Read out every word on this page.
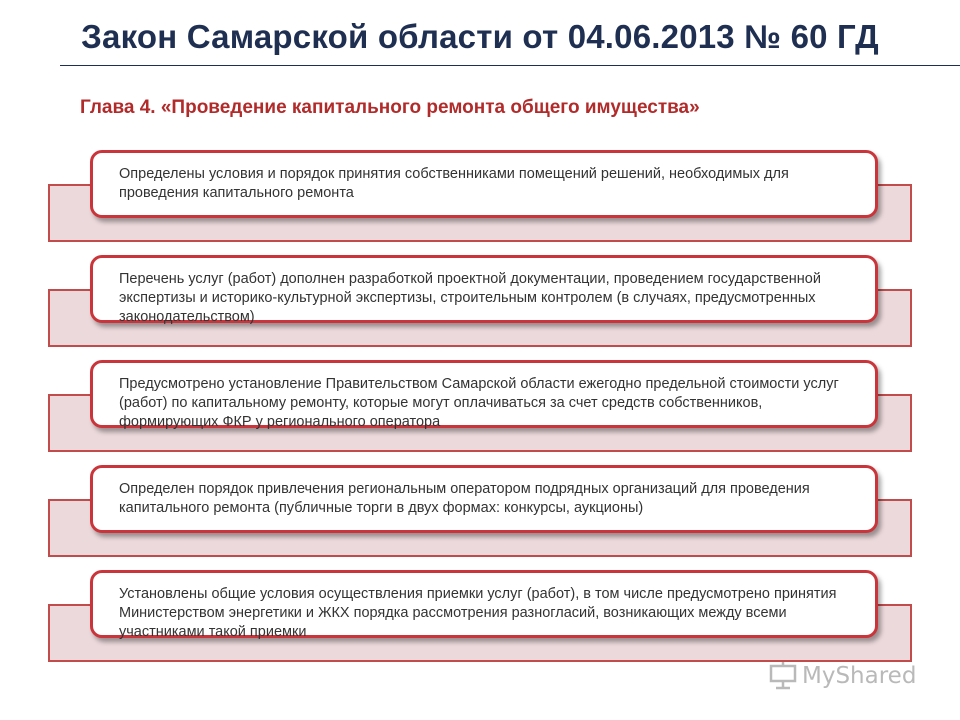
Закон Самарской области от 04.06.2013 № 60 ГД
Глава 4. «Проведение капитального ремонта общего имущества»
Определены условия и порядок принятия собственниками помещений решений, необходимых для проведения капитального ремонта
Перечень услуг (работ) дополнен разработкой проектной документации, проведением государственной экспертизы и историко-культурной экспертизы, строительным контролем (в случаях, предусмотренных законодательством)
Предусмотрено установление Правительством Самарской области ежегодно предельной стоимости услуг (работ) по капитальному ремонту, которые могут оплачиваться за счет средств собственников, формирующих ФКР у регионального оператора
Определен порядок привлечения региональным оператором подрядных организаций для проведения капитального ремонта (публичные торги в двух формах: конкурсы, аукционы)
Установлены общие условия осуществления приемки услуг (работ), в том числе предусмотрено принятия Министерством энергетики и ЖКХ порядка рассмотрения разногласий, возникающих между всеми участниками такой приемки
MyShared
